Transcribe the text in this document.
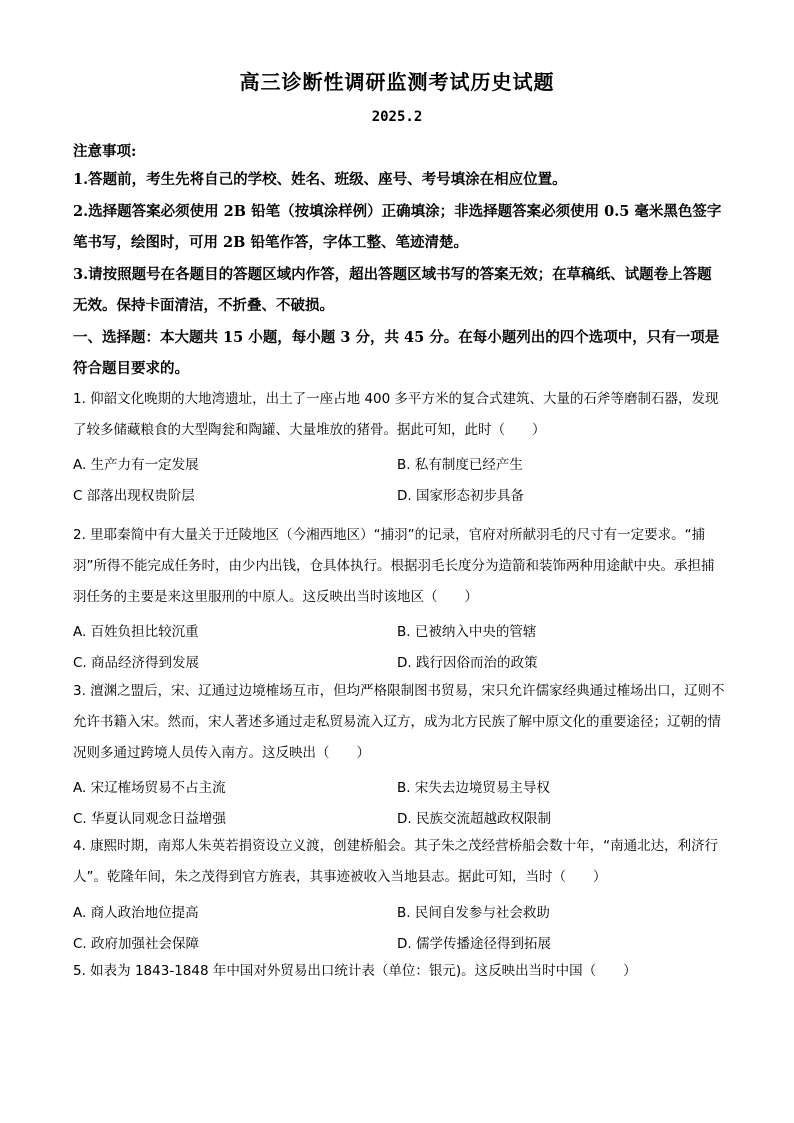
高三诊断性调研监测考试历史试题
2025.2
注意事项:
1.答题前，考生先将自己的学校、姓名、班级、座号、考号填涂在相应位置。
2.选择题答案必须使用 2B 铅笔（按填涂样例）正确填涂；非选择题答案必须使用 0.5 毫米黑色签字笔书写，绘图时，可用 2B 铅笔作答，字体工整、笔迹清楚。
3.请按照题号在各题目的答题区域内作答，超出答题区域书写的答案无效；在草稿纸、试题卷上答题无效。保持卡面清洁，不折叠、不破损。
一、选择题：本大题共 15 小题，每小题 3 分，共 45 分。在每小题列出的四个选项中，只有一项是符合题目要求的。
1. 仰韶文化晚期的大地湾遗址，出土了一座占地 400 多平方米的复合式建筑、大量的石斧等磨制石器，发现了较多储藏粮食的大型陶瓮和陶罐、大量堆放的猪骨。据此可知，此时（　　）
A. 生产力有一定发展	B. 私有制度已经产生
C 部落出现权贵阶层	D. 国家形态初步具备
2. 里耶秦简中有大量关于迁陵地区（今湘西地区）“捕羽”的记录，官府对所献羽毛的尺寸有一定要求。“捕羽”所得不能完成任务时，由少内出钱，仓具体执行。根据羽毛长度分为造箭和装饰两种用途献中央。承担捕羽任务的主要是来这里服刑的中原人。这反映出当时该地区（　　）
A. 百姓负担比较沉重	B. 已被纳入中央的管辖
C. 商品经济得到发展	D. 践行因俗而治的政策
3. 澶渊之盟后，宋、辽通过边境榷场互市，但均严格限制图书贸易，宋只允许儒家经典通过榷场出口，辽则不允许书籍入宋。然而，宋人著述多通过走私贸易流入辽方，成为北方民族了解中原文化的重要途径；辽朝的情况则多通过跨境人员传入南方。这反映出（　　）
A. 宋辽榷场贸易不占主流	B. 宋失去边境贸易主导权
C. 华夏认同观念日益增强	D. 民族交流超越政权限制
4. 康熙时期，南郑人朱英若捐资设立义渡，创建桥船会。其子朱之茂经营桥船会数十年，“南通北达，利济行人”。乾隆年间，朱之茂得到官方旌表，其事迹被收入当地县志。据此可知，当时（　　）
A. 商人政治地位提高	B. 民间自发参与社会救助
C. 政府加强社会保障	D. 儒学传播途径得到拓展
5. 如表为 1843-1848 年中国对外贸易出口统计表（单位：银元)。这反映出当时中国（　　）
